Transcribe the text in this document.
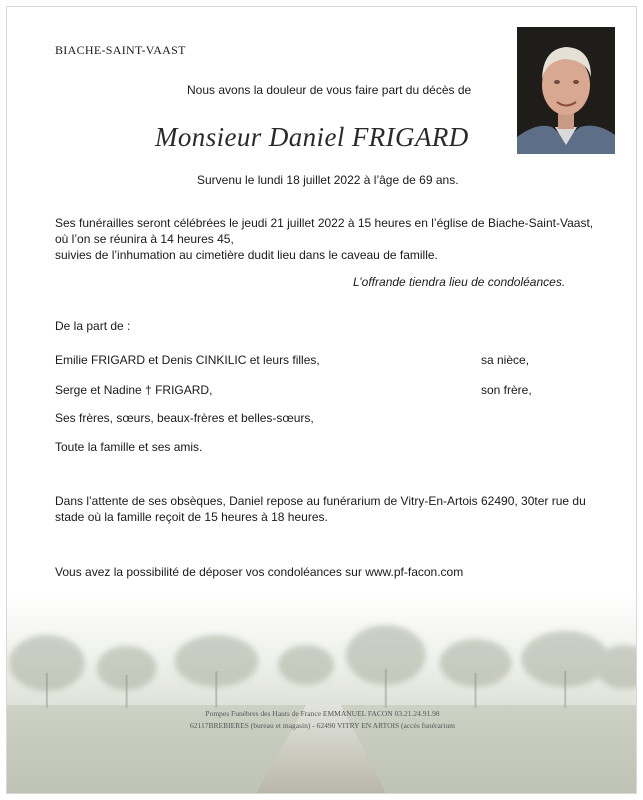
BIACHE-SAINT-VAAST
Nous avons la douleur de vous faire part du décès de
Monsieur Daniel FRIGARD
Survenu le lundi 18 juillet 2022 à l’âge de 69 ans.
Ses funérailles seront célébrées le jeudi 21 juillet 2022 à 15 heures en l’église de Biache-Saint-Vaast,
où l’on se réunira à 14 heures 45,
suivies de l’inhumation au cimetière dudit lieu dans le caveau de famille.
L’offrande tiendra lieu de condoléances.
De la part de :
Emilie FRIGARD et Denis CINKILIC et leurs filles,	sa nièce,
Serge et Nadine † FRIGARD,	son frère,
Ses frères, sœurs, beaux-frères et belles-sœurs,
Toute la famille et ses amis.
Dans l’attente de ses obsèques, Daniel repose au funérarium de Vitry-En-Artois 62490, 30ter rue du
stade où la famille reçoit de 15 heures à 18 heures.
Vous avez la possibilité de déposer vos condoléances sur www.pf-facon.com
Pompes Funèbres des Hauts de France EMMANUEL FACON 03.21.24.91.98
62117BREBIERES (bureau et magasin) - 62490 VITRY EN ARTOIS (accès funérarium
